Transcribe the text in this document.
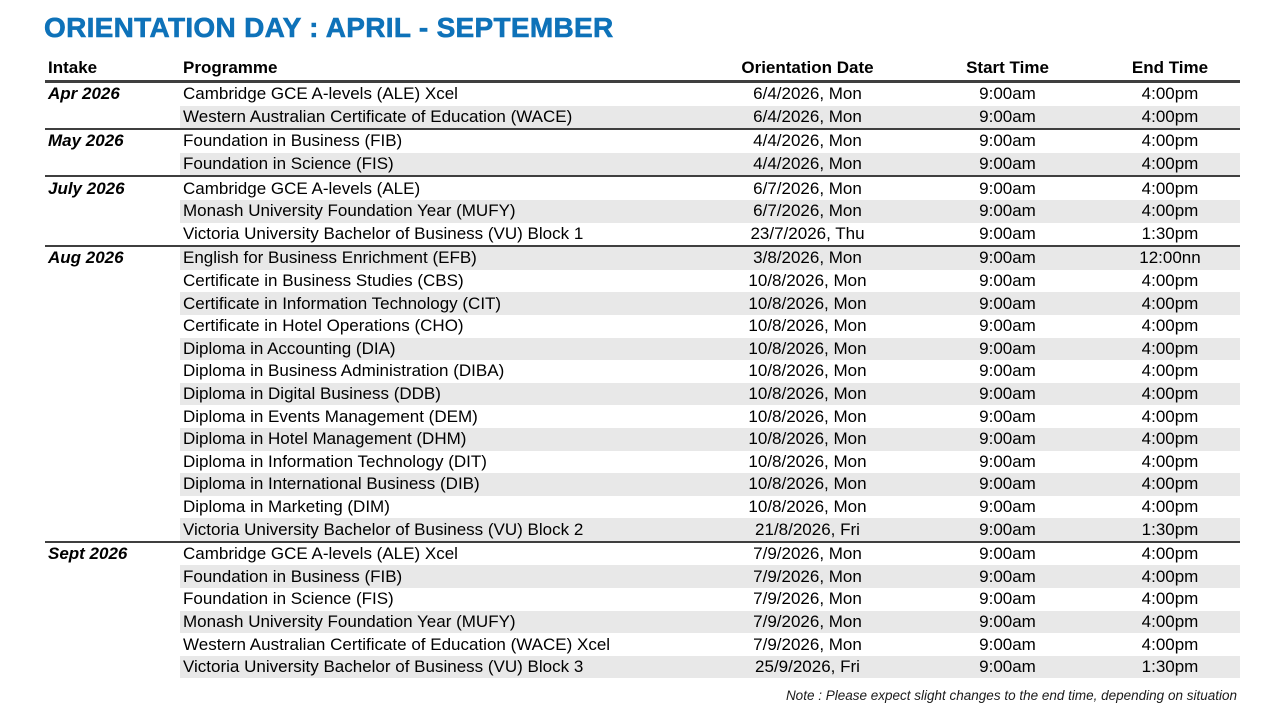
ORIENTATION DAY : APRIL - SEPTEMBER
Intake	Programme	Orientation Date	Start Time	End Time
Apr 2026	Cambridge GCE A-levels (ALE) Xcel	6/4/2026, Mon	9:00am	4:00pm
	Western Australian Certificate of Education (WACE)	6/4/2026, Mon	9:00am	4:00pm
May 2026	Foundation in Business (FIB)	4/4/2026, Mon	9:00am	4:00pm
	Foundation in Science (FIS)	4/4/2026, Mon	9:00am	4:00pm
July 2026	Cambridge GCE A-levels (ALE)	6/7/2026, Mon	9:00am	4:00pm
	Monash University Foundation Year (MUFY)	6/7/2026, Mon	9:00am	4:00pm
	Victoria University Bachelor of Business (VU) Block 1	23/7/2026, Thu	9:00am	1:30pm
Aug 2026	English for Business Enrichment (EFB)	3/8/2026, Mon	9:00am	12:00nn
	Certificate in Business Studies (CBS)	10/8/2026, Mon	9:00am	4:00pm
	Certificate in Information Technology (CIT)	10/8/2026, Mon	9:00am	4:00pm
	Certificate in Hotel Operations (CHO)	10/8/2026, Mon	9:00am	4:00pm
	Diploma in Accounting (DIA)	10/8/2026, Mon	9:00am	4:00pm
	Diploma in Business Administration (DIBA)	10/8/2026, Mon	9:00am	4:00pm
	Diploma in Digital Business (DDB)	10/8/2026, Mon	9:00am	4:00pm
	Diploma in Events Management (DEM)	10/8/2026, Mon	9:00am	4:00pm
	Diploma in Hotel Management (DHM)	10/8/2026, Mon	9:00am	4:00pm
	Diploma in Information Technology (DIT)	10/8/2026, Mon	9:00am	4:00pm
	Diploma in International Business (DIB)	10/8/2026, Mon	9:00am	4:00pm
	Diploma in Marketing (DIM)	10/8/2026, Mon	9:00am	4:00pm
	Victoria University Bachelor of Business (VU) Block 2	21/8/2026, Fri	9:00am	1:30pm
Sept 2026	Cambridge GCE A-levels (ALE) Xcel	7/9/2026, Mon	9:00am	4:00pm
	Foundation in Business (FIB)	7/9/2026, Mon	9:00am	4:00pm
	Foundation in Science (FIS)	7/9/2026, Mon	9:00am	4:00pm
	Monash University Foundation Year (MUFY)	7/9/2026, Mon	9:00am	4:00pm
	Western Australian Certificate of Education (WACE) Xcel	7/9/2026, Mon	9:00am	4:00pm
	Victoria University Bachelor of Business (VU) Block 3	25/9/2026, Fri	9:00am	1:30pm
Note : Please expect slight changes to the end time, depending on situation
